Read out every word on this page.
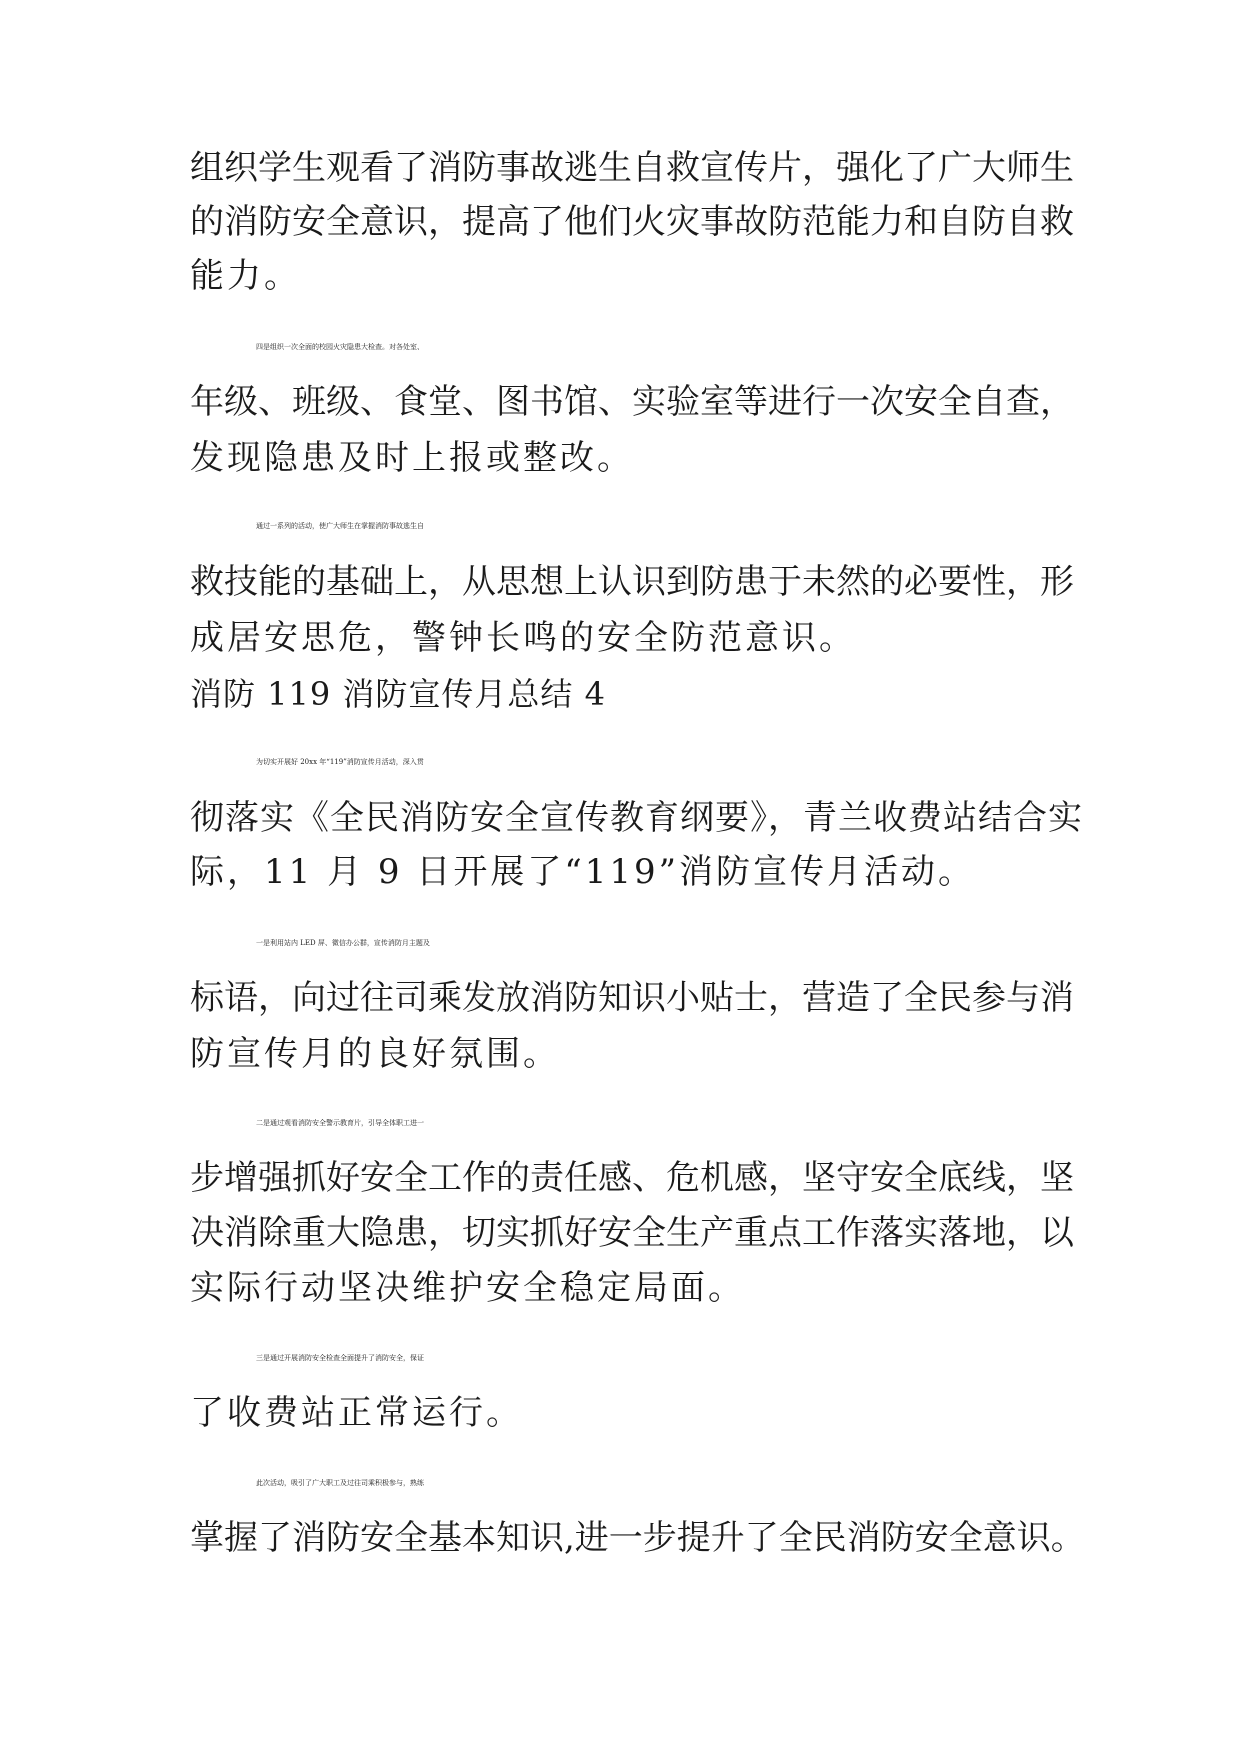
组织学生观看了消防事故逃生自救宣传片，强化了广大师生
的消防安全意识，提高了他们火灾事故防范能力和自防自救
能力。
四是组织一次全面的校园火灾隐患大检查。对各处室、
年级、班级、食堂、图书馆、实验室等进行一次安全自查，
发现隐患及时上报或整改。
通过一系列的活动，使广大师生在掌握消防事故逃生自
救技能的基础上，从思想上认识到防患于未然的必要性，形
成居安思危，警钟长鸣的安全防范意识。
消防 119 消防宣传月总结 4
为切实开展好 20xx 年“119”消防宣传月活动，深入贯
彻落实《全民消防安全宣传教育纲要》，青兰收费站结合实
际，11 月 9 日开展了“119”消防宣传月活动。
一是利用站内 LED 屏、微信办公群，宣传消防月主题及
标语，向过往司乘发放消防知识小贴士，营造了全民参与消
防宣传月的良好氛围。
二是通过观看消防安全警示教育片，引导全体职工进一
步增强抓好安全工作的责任感、危机感，坚守安全底线，坚
决消除重大隐患，切实抓好安全生产重点工作落实落地，以
实际行动坚决维护安全稳定局面。
三是通过开展消防安全检查全面提升了消防安全，保证
了收费站正常运行。
此次活动，吸引了广大职工及过往司乘积极参与，熟练
掌握了消防安全基本知识,进一步提升了全民消防安全意识。
